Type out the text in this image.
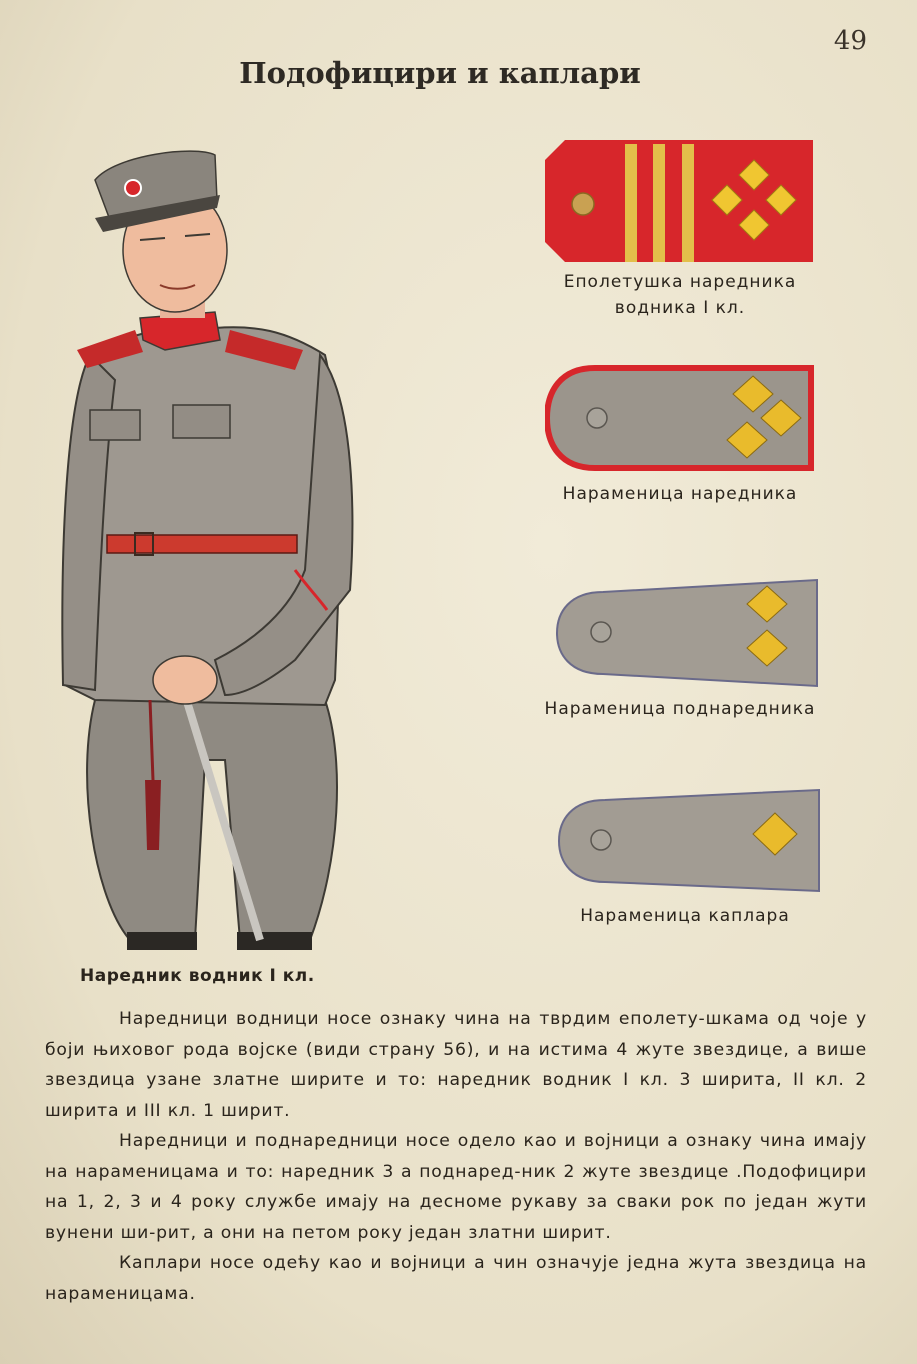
49
Подофицири и каплари
Наредник водник I кл.
Еполетушка наредника
водника I кл.
Нарамeница наредника
Нарамeница поднаредника
Нарамeница каплара

Наредници водници носе ознаку чина на тврдим еполету-шкама од чоје у боји њиховог рода војске (види страну 56), и на истима 4 жуте звездице, а више звездица узане златне ширите и то: наредник водник I кл. 3 ширита, II кл. 2 ширита и III кл. 1 ширит.

Наредници и поднаредници носе одело као и војници а ознаку чина имају на нараменицама и то: наредник 3 а поднаред-ник 2 жуте звездице .Подофицири на 1, 2, 3 и 4 року службе имају на десноме рукаву за сваки рок по један жути вунени ши-рит, а они на петом року један златни ширит.

Каплари носе одећу као и војници а чин означује једна жута звездица на нараменицама.
